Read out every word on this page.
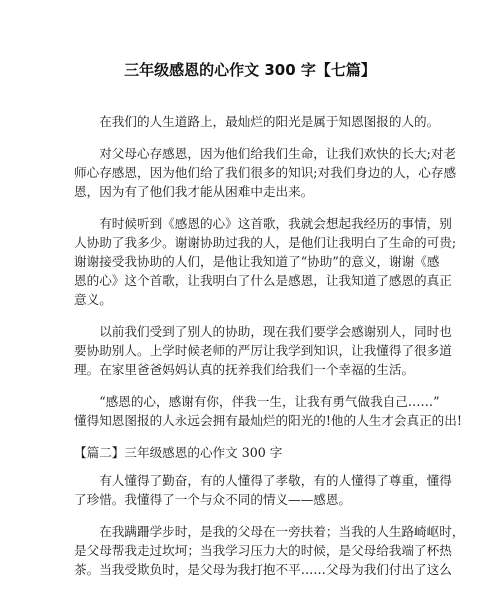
三年级感恩的心作文 300 字【七篇】
在我们的人生道路上，最灿烂的阳光是属于知恩图报的人的。
对父母心存感恩，因为他们给我们生命，让我们欢快的长大;对老
师心存感恩，因为他们给了我们很多的知识;对我们身边的人，心存感
恩，因为有了他们我才能从困难中走出来。
有时候听到《感恩的心》这首歌，我就会想起我经历的事情，别
人协助了我多少。谢谢协助过我的人，是他们让我明白了生命的可贵;
谢谢接受我协助的人们，是他让我知道了“协助”的意义，谢谢《感
恩的心》这个首歌，让我明白了什么是感恩，让我知道了感恩的真正
意义。
以前我们受到了别人的协助，现在我们要学会感谢别人，同时也
要协助别人。上学时候老师的严厉让我学到知识，让我懂得了很多道
理。在家里爸爸妈妈认真的抚养我们给我们一个幸福的生活。
“感恩的心，感谢有你，伴我一生，让我有勇气做我自己……”
懂得知恩图报的人永远会拥有最灿烂的阳光的!他的人生才会真正的出!
【篇二】三年级感恩的心作文 300 字
有人懂得了勤奋，有的人懂得了孝敬，有的人懂得了尊重，懂得
了珍惜。我懂得了一个与众不同的情义——感恩。
在我蹒跚学步时，是我的父母在一旁扶着；当我的人生路崎岖时，
是父母帮我走过坎坷；当我学习压力大的时候，是父母给我端了杯热
茶。当我受欺负时，是父母为我打抱不平……父母为我们付出了这么
